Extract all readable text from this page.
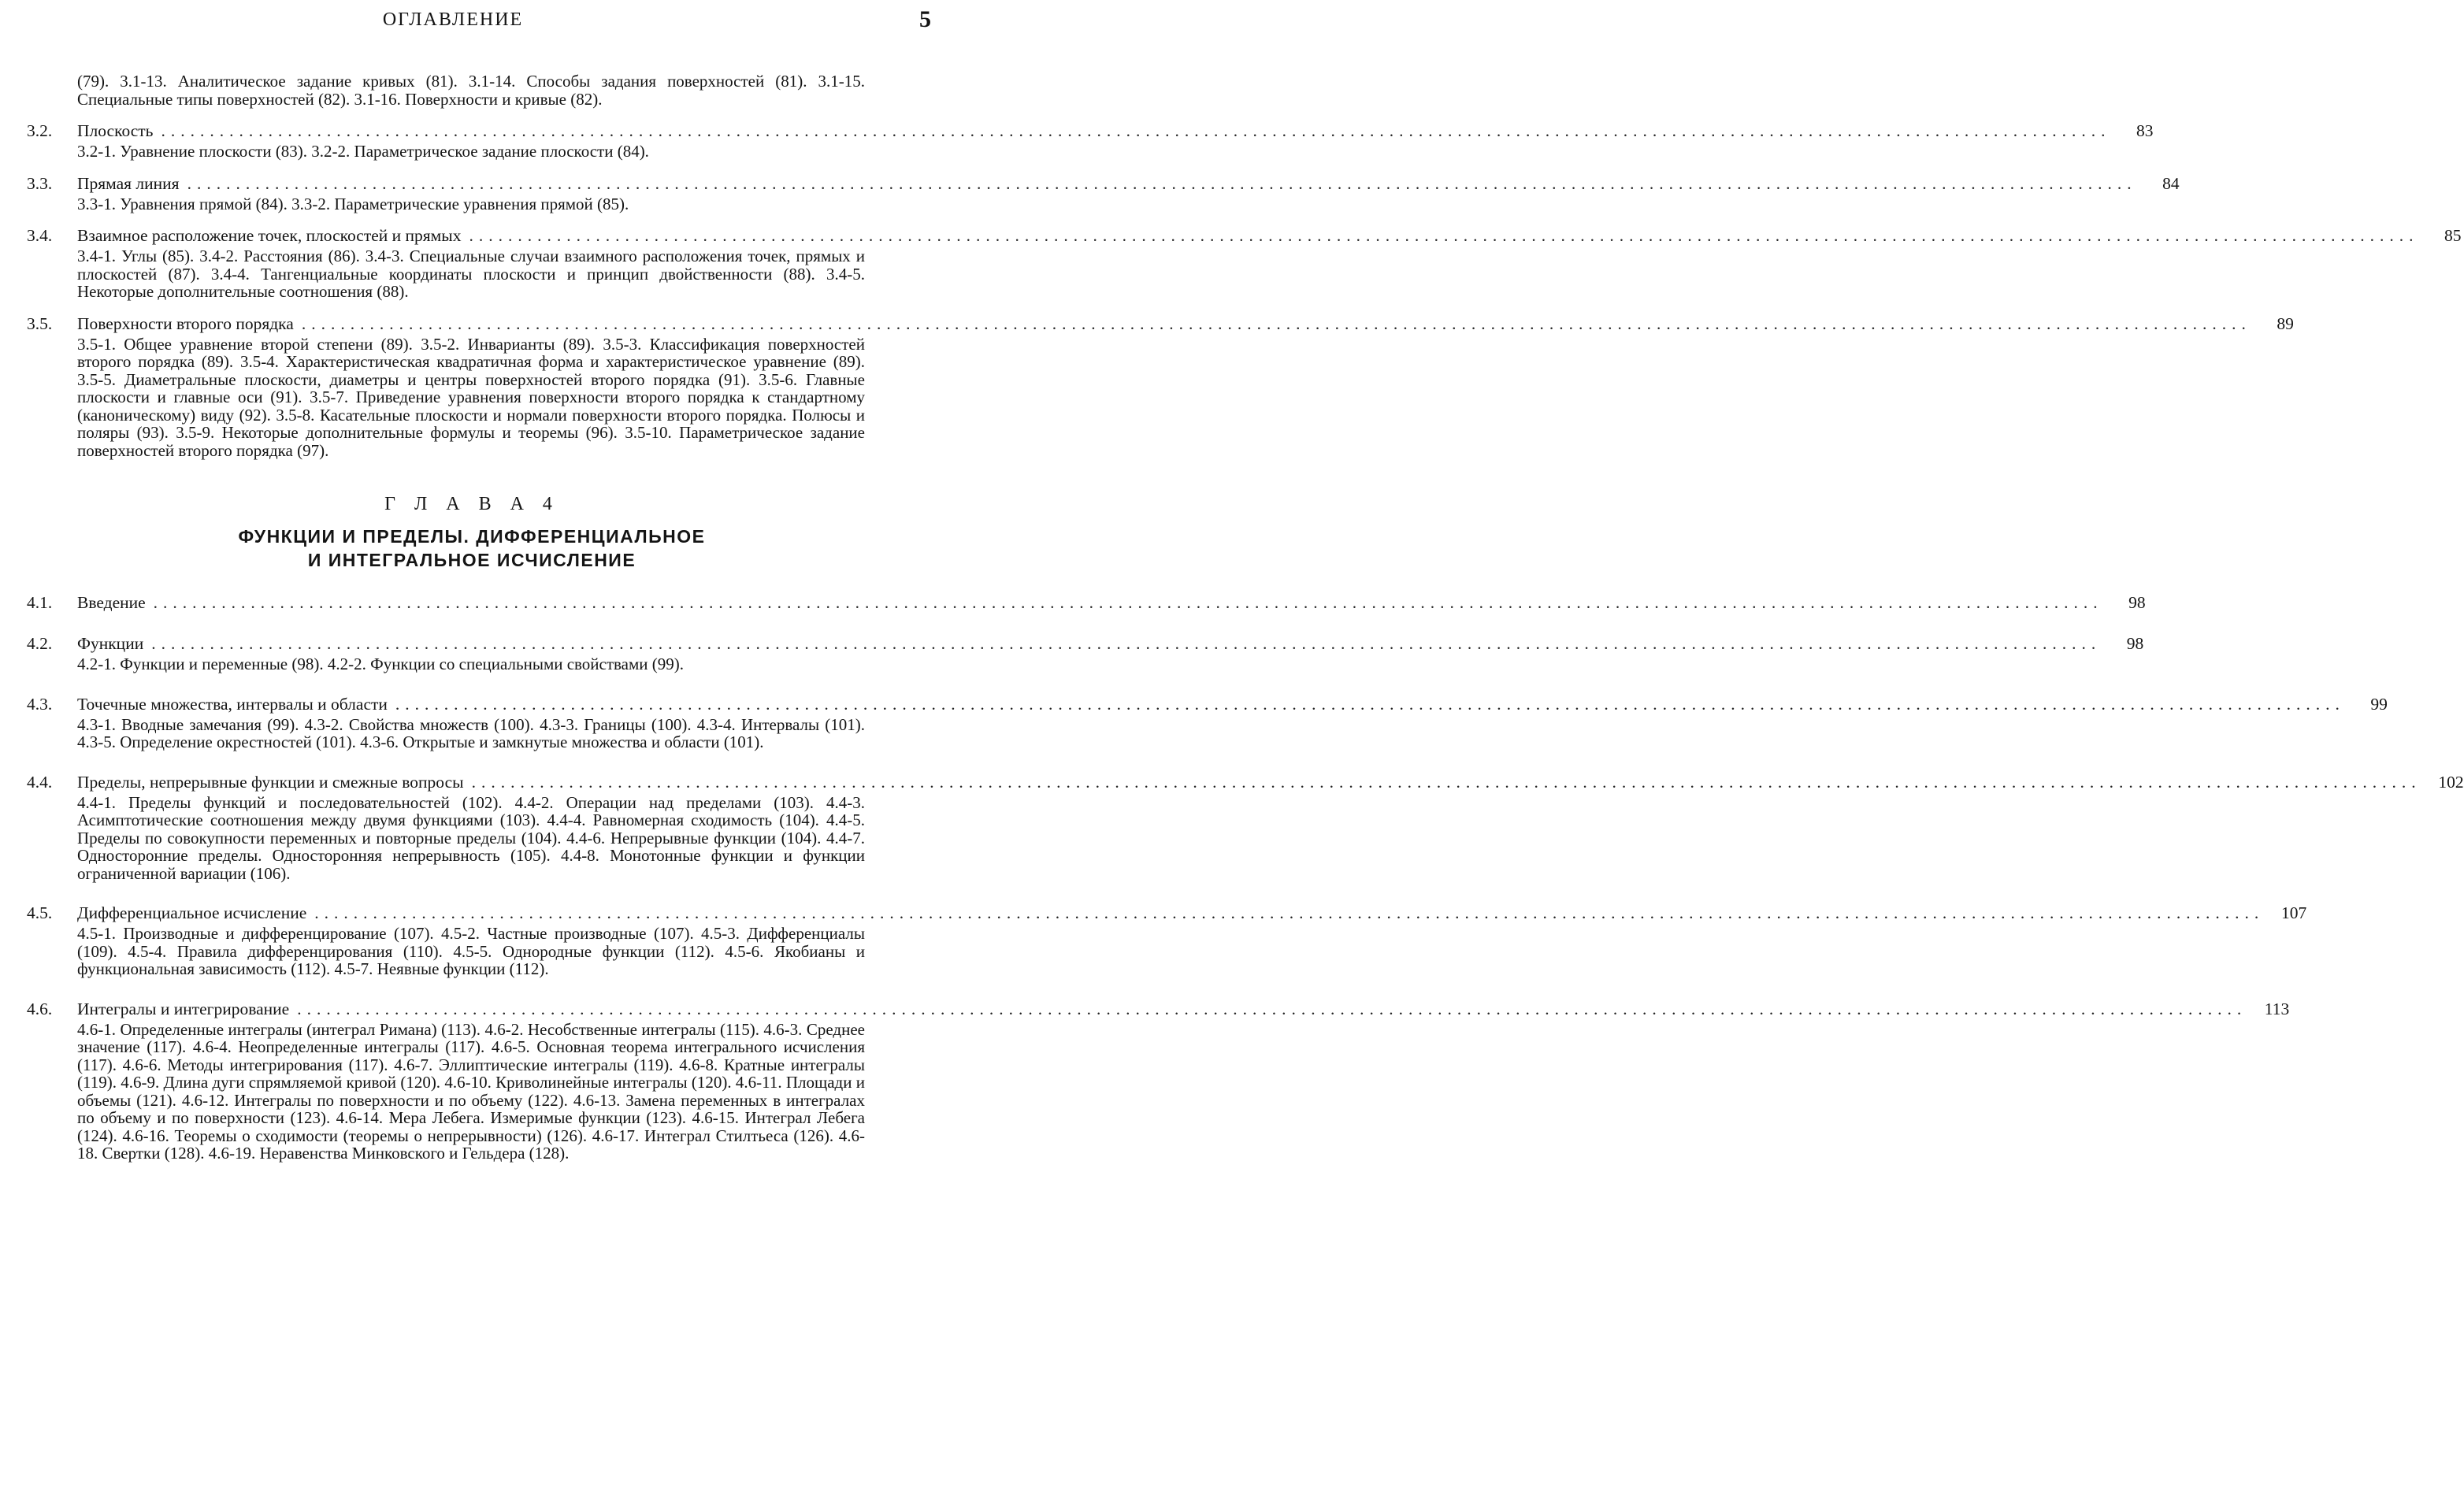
ОГЛАВЛЕНИЕ	5
(79). 3.1-13. Аналитическое задание кривых (81). 3.1-14. Способы задания поверхностей (81). 3.1-15. Специальные типы поверхностей (82). 3.1-16. Поверхности и кривые (82).
3.2.	Плоскость ........................................................................................................................................................................................................	83
3.2-1. Уравнение плоскости (83). 3.2-2. Параметрическое задание плоскости (84).
3.3.	Прямая линия ........................................................................................................................................................................................................	84
3.3-1. Уравнения прямой (84). 3.3-2. Параметрические уравнения прямой (85).
3.4.	Взаимное расположение точек, плоскостей и прямых ........................................................................................................................................................................................................	85
3.4-1. Углы (85). 3.4-2. Расстояния (86). 3.4-3. Специальные случаи взаимного расположения точек, прямых и плоскостей (87). 3.4-4. Тангенциальные координаты плоскости и принцип двойственности (88). 3.4-5. Некоторые дополнительные соотношения (88).
3.5.	Поверхности второго порядка ........................................................................................................................................................................................................	89
3.5-1. Общее уравнение второй степени (89). 3.5-2. Инварианты (89). 3.5-3. Классификация поверхностей второго порядка (89). 3.5-4. Характеристическая квадратичная форма и характеристическое уравнение (89). 3.5-5. Диаметральные плоскости, диаметры и центры поверхностей второго порядка (91). 3.5-6. Главные плоскости и главные оси (91). 3.5-7. Приведение уравнения поверхности второго порядка к стандартному (каноническому) виду (92). 3.5-8. Касательные плоскости и нормали поверхности второго порядка. Полюсы и поляры (93). 3.5-9. Некоторые дополнительные формулы и теоремы (96). 3.5-10. Параметрическое задание поверхностей второго порядка (97).
Г Л А В А 4
ФУНКЦИИ И ПРЕДЕЛЫ. ДИФФЕРЕНЦИАЛЬНОЕ
И ИНТЕГРАЛЬНОЕ ИСЧИСЛЕНИЕ
4.1.	Введение ........................................................................................................................................................................................................	98
4.2.	Функции ........................................................................................................................................................................................................	98
4.2-1. Функции и переменные (98). 4.2-2. Функции со специальными свойствами (99).
4.3.	Точечные множества, интервалы и области ........................................................................................................................................................................................................	99
4.3-1. Вводные замечания (99). 4.3-2. Свойства множеств (100). 4.3-3. Границы (100). 4.3-4. Интервалы (101). 4.3-5. Определение окрестностей (101). 4.3-6. Открытые и замкнутые множества и области (101).
4.4.	Пределы, непрерывные функции и смежные вопросы ........................................................................................................................................................................................................	102
4.4-1. Пределы функций и последовательностей (102). 4.4-2. Операции над пределами (103). 4.4-3. Асимптотические соотношения между двумя функциями (103). 4.4-4. Равномерная сходимость (104). 4.4-5. Пределы по совокупности переменных и повторные пределы (104). 4.4-6. Непрерывные функции (104). 4.4-7. Односторонние пределы. Односторонняя непрерывность (105). 4.4-8. Монотонные функции и функции ограниченной вариации (106).
4.5.	Дифференциальное исчисление ........................................................................................................................................................................................................	107
4.5-1. Производные и дифференцирование (107). 4.5-2. Частные производные (107). 4.5-3. Дифференциалы (109). 4.5-4. Правила дифференцирования (110). 4.5-5. Однородные функции (112). 4.5-6. Якобианы и функциональная зависимость (112). 4.5-7. Неявные функции (112).
4.6.	Интегралы и интегрирование ........................................................................................................................................................................................................	113
4.6-1. Определенные интегралы (интеграл Римана) (113). 4.6-2. Несобственные интегралы (115). 4.6-3. Среднее значение (117). 4.6-4. Неопределенные интегралы (117). 4.6-5. Основная теорема интегрального исчисления (117). 4.6-6. Методы интегрирования (117). 4.6-7. Эллиптические интегралы (119). 4.6-8. Кратные интегралы (119). 4.6-9. Длина дуги спрямляемой кривой (120). 4.6-10. Криволинейные интегралы (120). 4.6-11. Площади и объемы (121). 4.6-12. Интегралы по поверхности и по объему (122). 4.6-13. Замена переменных в интегралах по объему и по поверхности (123). 4.6-14. Мера Лебега. Измеримые функции (123). 4.6-15. Интеграл Лебега (124). 4.6-16. Теоремы о сходимости (теоремы о непрерывности) (126). 4.6-17. Интеграл Стилтьеса (126). 4.6-18. Свертки (128). 4.6-19. Неравенства Минковского и Гельдера (128).
